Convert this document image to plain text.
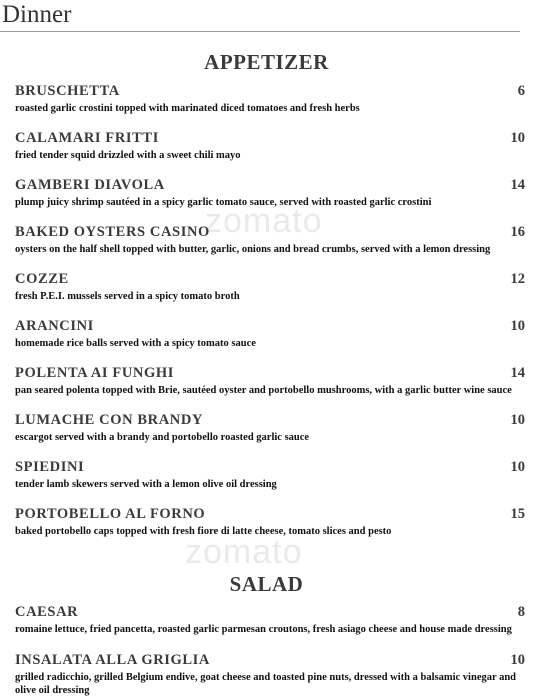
Dinner
zomato
zomato
APPETIZER
BRUSCHETTA	6
roasted garlic crostini topped with marinated diced tomatoes and fresh herbs
CALAMARI FRITTI	10
fried tender squid drizzled with a sweet chili mayo
GAMBERI DIAVOLA	14
plump juicy shrimp sautéed in a spicy garlic tomato sauce, served with roasted garlic crostini
BAKED OYSTERS CASINO	16
oysters on the half shell topped with butter, garlic, onions and bread crumbs, served with a lemon dressing
COZZE	12
fresh P.E.I. mussels served in a spicy tomato broth
ARANCINI	10
homemade rice balls served with a spicy tomato sauce
POLENTA AI FUNGHI	14
pan seared polenta topped with Brie, sautéed oyster and portobello mushrooms, with a garlic butter wine sauce
LUMACHE CON BRANDY	10
escargot served with a brandy and portobello roasted garlic sauce
SPIEDINI	10
tender lamb skewers served with a lemon olive oil dressing
PORTOBELLO AL FORNO	15
baked portobello caps topped with fresh fiore di latte cheese, tomato slices and pesto
SALAD
CAESAR	8
romaine lettuce, fried pancetta, roasted garlic parmesan croutons, fresh asiago cheese and house made dressing
INSALATA ALLA GRIGLIA	10
grilled radicchio, grilled Belgium endive, goat cheese and toasted pine nuts, dressed with a balsamic vinegar and olive oil dressing
